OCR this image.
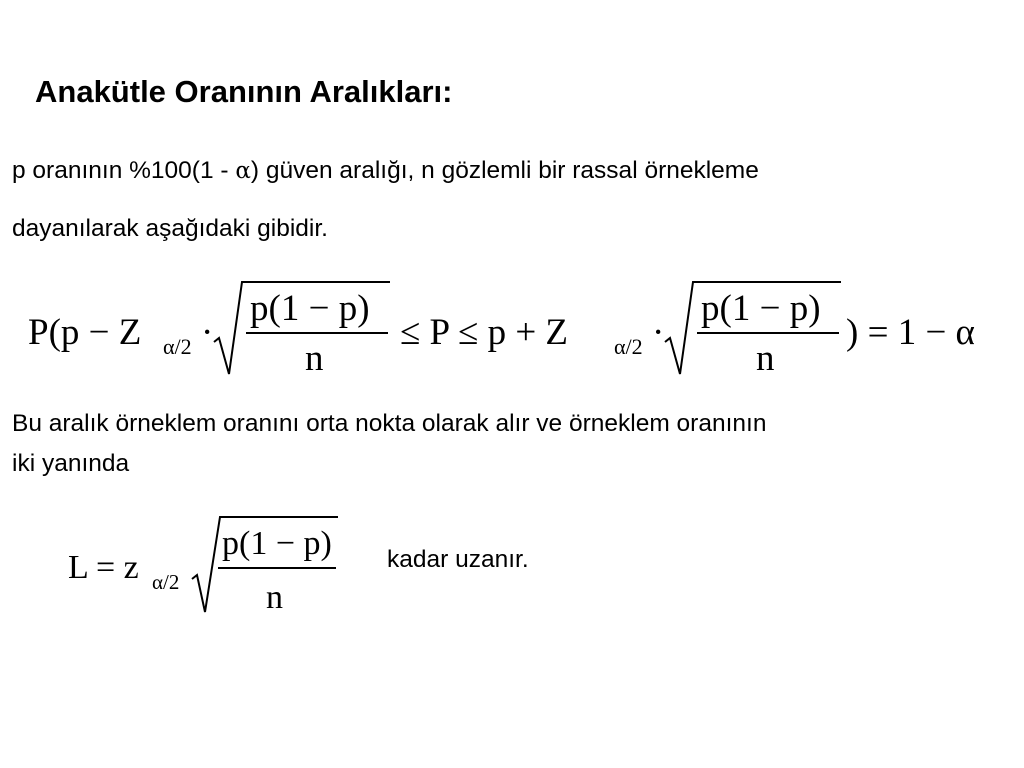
Anakütle Oranının Aralıkları:
p oranının %100(1 - α) güven aralığı, n gözlemli bir rassal örnekleme
dayanılarak aşağıdaki gibidir.
P(p − Z α/2 ·
p(1 − p)
n
≤ P ≤ p + Z α/2 ·
p(1 − p)
n
) = 1 − α
Bu aralık örneklem oranını orta nokta olarak alır ve örneklem oranının
iki yanında
L = z α/2
p(1 − p)
n
kadar uzanır.
